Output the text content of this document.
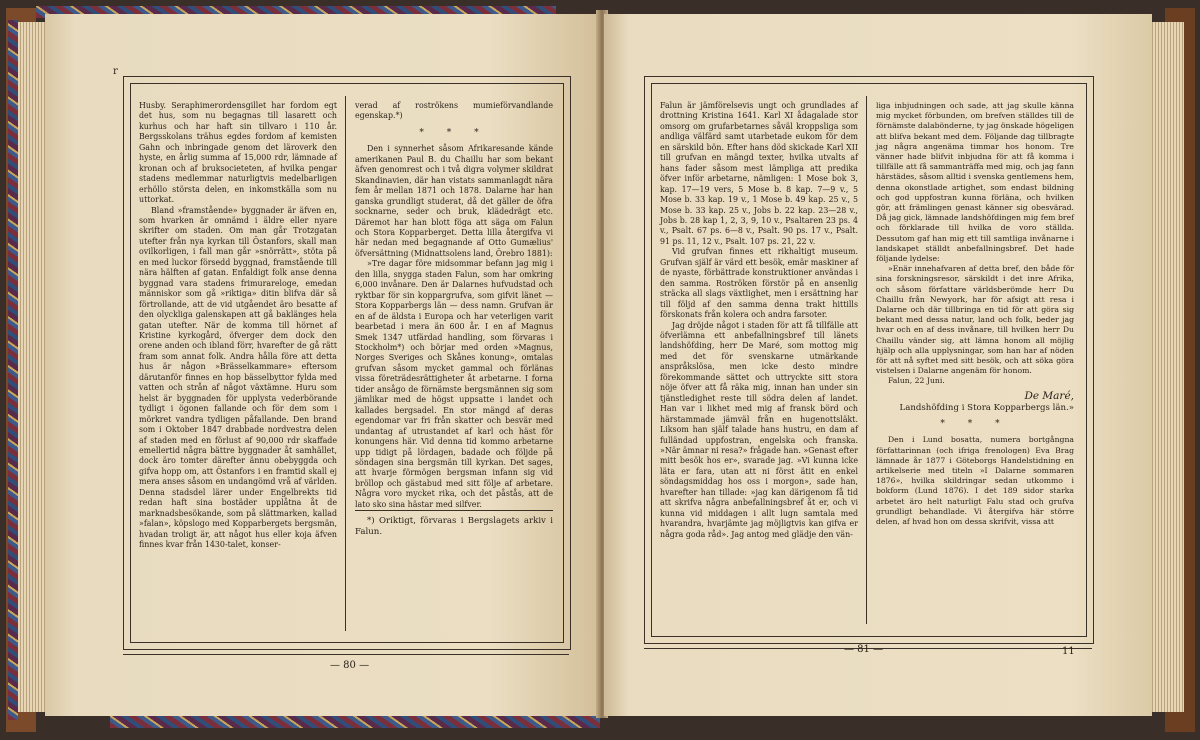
r

Husby. Seraphimerordensgillet har fordom egt det hus, som nu begagnas till lasarett och kurhus och har haft sin tillvaro i 110 år. Bergsskolans trähus egdes fordom af kemisten Gahn och inbringade genom det läroverk den hyste, en årlig summa af 15,000 rdr, lämnade af kronan och af bruksocieteten, af hvilka pengar stadens medlemmar naturligtvis medelbarligen erhöllo största delen, en inkomstkälla som nu uttorkat.

Bland »framstående» byggnader är äfven en, som hvarken är omnämd i äldre eller nyare skrifter om staden. Om man går Trotzgatan utefter från nya kyrkan till Östanfors, skall man ovilkorligen, i fall man går »snörrätt», stöta på en med luckor försedd byggnad, framstående till nära hälften af gatan. Enfaldigt folk anse denna byggnad vara stadens frimurareloge, emedan människor som gå »riktiga» ditin blifva där så förtrollande, att de vid utgåendet äro besatte af den olyckliga galenskapen att gå baklänges hela gatan utefter. När de komma till hörnet af Kristine kyrkogård, öfverger dem dock den orene anden och ibland förr, hvarefter de gå rätt fram som annat folk. Andra hålla före att detta hus är någon »Brässelkammare» eftersom därutanför finnes en hop bässelbyttor fylda med vatten och strån af något växtämne. Huru som helst är byggnaden för upplysta vederbörande tydligt i ögonen fallande och för dem som i mörkret vandra tydligen påfallande. Den brand som i Oktober 1847 drabbade nordvestra delen af staden med en förlust af 90,000 rdr skaffade emellertid några bättre byggnader åt samhället, dock äro tomter därefter ännu obebyggda och gifva hopp om, att Östanfors i en framtid skall ej mera anses såsom en undangömd vrå af världen. Denna stadsdel lärer under Engelbrekts tid redan haft sina bostäder upplåtna åt de marknadsbesökande, som på slättmarken, kallad »falan», köpslogo med Kopparbergets bergsmän, hvadan troligt är, att något hus eller koja äfven finnes kvar från 1430-talet, konser-

verad af roströkens mumieförvandlande egenskap.*)

* * *

Den i synnerhet såsom Afrikaresande kände amerikanen Paul B. du Chaillu har som bekant äfven genomrest och i två digra volymer skildrat Skandinavien, där han vistats sammanlagdt nära fem år mellan 1871 och 1878. Dalarne har han ganska grundligt studerat, då det gäller de öfra socknarne, seder och bruk, klädedrägt etc. Däremot har han blott föga att säga om Falun och Stora Kopparberget. Detta lilla återgifva vi här nedan med begagnande af Otto Gumælius' öfversättning (Midnattsolens land, Örebro 1881):

»Tre dagar före midsommar befann jag mig i den lilla, snygga staden Falun, som har omkring 6,000 invånare. Den är Dalarnes hufvudstad och ryktbar för sin koppargrufva, som gifvit länet — Stora Kopparbergs län — dess namn. Grufvan är en af de äldsta i Europa och har veterligen varit bearbetad i mera än 600 år. I en af Magnus Smek 1347 utfärdad handling, som förvaras i Stockholm*) och börjar med orden »Magnus, Norges Sveriges och Skånes konung», omtalas grufvan såsom mycket gammal och förlänas vissa företrädesrättigheter åt arbetarne. I forna tider ansågo de förnämste bergsmännen sig som jämlikar med de högst uppsatte i landet och kallades bergsadel. En stor mängd af deras egendomar var fri från skatter och besvär med undantag af utrustandet af karl och häst för konungens här. Vid denna tid kommo arbetarne upp tidigt på lördagen, badade och följde på söndagen sina bergsmän till kyrkan. Det sages, att hvarje förmögen bergsman infann sig vid bröllop och gästabud med sitt följe af arbetare. Några voro mycket rika, och det påstås, att de lato sko sina hästar med silfver.

*) Oriktigt, förvaras i Bergslagets arkiv i Falun.

— 80 —

Falun är jämförelsevis ungt och grundlades af drottning Kristina 1641. Karl XI ådagalade stor omsorg om grufarbetarnes såväl kroppsliga som andliga välfärd samt utarbetade eukom för dem en särskild bön. Efter hans död skickade Karl XII till grufvan en mängd texter, hvilka utvalts af hans fader såsom mest lämpliga att predika öfver inför arbetarne, nämligen: 1 Mose bok 3, kap. 17—19 vers, 5 Mose b. 8 kap. 7—9 v., 5 Mose b. 33 kap. 19 v., 1 Mose b. 49 kap. 25 v., 5 Mose b. 33 kap. 25 v., Jobs b. 22 kap. 23—28 v., Jobs b. 28 kap 1, 2, 3, 9, 10 v., Psaltaren 23 ps. 4 v., Psalt. 67 ps. 6—8 v., Psalt. 90 ps. 17 v., Psalt. 91 ps. 11, 12 v., Psalt. 107 ps. 21, 22 v.

Vid grufvan finnes ett rikhaltigt museum. Grufvan själf är värd ett besök, emär maskiner af de nyaste, förbättrade konstruktioner användas i den samma. Roströken förstör på en ansenlig sträcka all slags växtlighet, men i ersättning har till följd af den samma denna trakt hittills förskonats från kolera och andra farsoter.

Jag dröjde något i staden för att få tillfälle att öfverlämna ett anbefallningsbref till länets landshöfding, herr De Maré, som mottog mig med det för svenskarne utmärkande anspråkslösa, men icke desto mindre förekommande sättet och uttryckte sitt stora nöje öfver att få räka mig, innan han under sin tjänstledighet reste till södra delen af landet. Han var i likhet med mig af fransk börd och härstammade jämväl från en hugenottsläkt. Liksom han själf talade hans hustru, en dam af fulländad uppfostran, engelska och franska. »När ämnar ni resa?» frågade han. »Genast efter mitt besök hos er», svarade jag. »Vi kunna icke läta er fara, utan att ni först ätit en enkel söndagsmiddag hos oss i morgon», sade han, hvarefter han tillade: »jag kan därigenom få tid att skrifva några anbefallningsbref åt er, och vi kunna vid middagen i allt lugn samtala med hvarandra, hvarjämte jag möjligtvis kan gifva er några goda råd». Jag antog med glädje den vän-

liga inbjudningen och sade, att jag skulle känna mig mycket förbunden, om brefven ställdes till de förnämste dalabönderne, ty jag önskade högeligen att blifva bekant med dem. Följande dag tillbragte jag några angenäma timmar hos honom. Tre vänner hade blifvit inbjudna för att få komma i tillfälle att få sammanträffa med mig, och jag fann härstädes, såsom alltid i svenska gentlemens hem, denna okonstlade artighet, som endast bildning och god uppfostran kunna förläna, och hvilken gör, att främlingen genast känner sig obesvärad. Då jag gick, lämnade landshöfdingen mig fem bref och förklarade till hvilka de voro ställda. Dessutom gaf han mig ett till samtliga invånarne i landskapet ställdt anbefallningsbref. Det hade följande lydelse:

»Enär innehafvaren af detta bref, den både för sina forskningsresor, särskildt i det inre Afrika, och såsom författare världsberömde herr Du Chaillu från Newyork, har för afsigt att resa i Dalarne och där tillbringa en tid för att göra sig bekant med dessa natur, land och folk, beder jag hvar och en af dess invånare, till hvilken herr Du Chaillu vänder sig, att lämna honom all möjlig hjälp och alla upplysningar, som han har af nöden för att nå syftet med sitt besök, och att söka göra vistelsen i Dalarne angenäm för honom.

Falun, 22 Juni.

De Maré,
Landshöfding i Stora Kopparbergs län.»
* * *

Den i Lund bosatta, numera bortgångna författarinnan (och ifriga frenologen) Eva Brag lämnade år 1877 i Göteborgs Handelstidning en artikelserie med titeln »I Dalarne sommaren 1876», hvilka skildringar sedan utkommo i bokform (Lund 1876). I det 189 sidor starka arbetet äro helt naturligt Falu stad och grufva grundligt behandlade. Vi återgifva här större delen, af hvad hon om dessa skrifvit, vissa att

— 81 —	11
